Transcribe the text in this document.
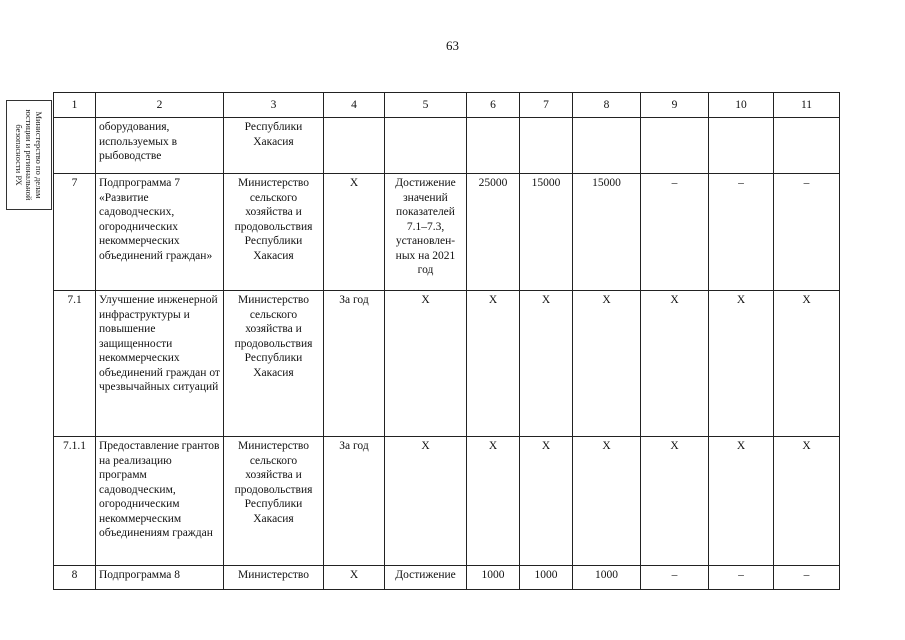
63
Министерство по делам юстиции и региональной безопасности РХ
1	2	3	4	5	6	7	8	9	10	11
	оборудования, используемых в рыбоводстве	Республики Хакасия								
7	Подпрограмма 7 «Развитие садоводческих, огороднических некоммерческих объединений граждан»	Министерство сельского хозяйства и продовольствия Республики Хакасия	Х	Достижение значений показателей 7.1–7.3, установлен-ных на 2021 год	25000	15000	15000	–	–	–
7.1	Улучшение инженерной инфраструктуры и повышение защищенности некоммерческих объединений граждан от чрезвычайных ситуаций	Министерство сельского хозяйства и продовольствия Республики Хакасия	За год	Х	Х	Х	Х	Х	Х	Х
7.1.1	Предоставление грантов на реализацию программ садоводческим, огородническим некоммерческим объединениям граждан	Министерство сельского хозяйства и продовольствия Республики Хакасия	За год	Х	Х	Х	Х	Х	Х	Х
8	Подпрограмма 8	Министерство	Х	Достижение	1000	1000	1000	–	–	–
